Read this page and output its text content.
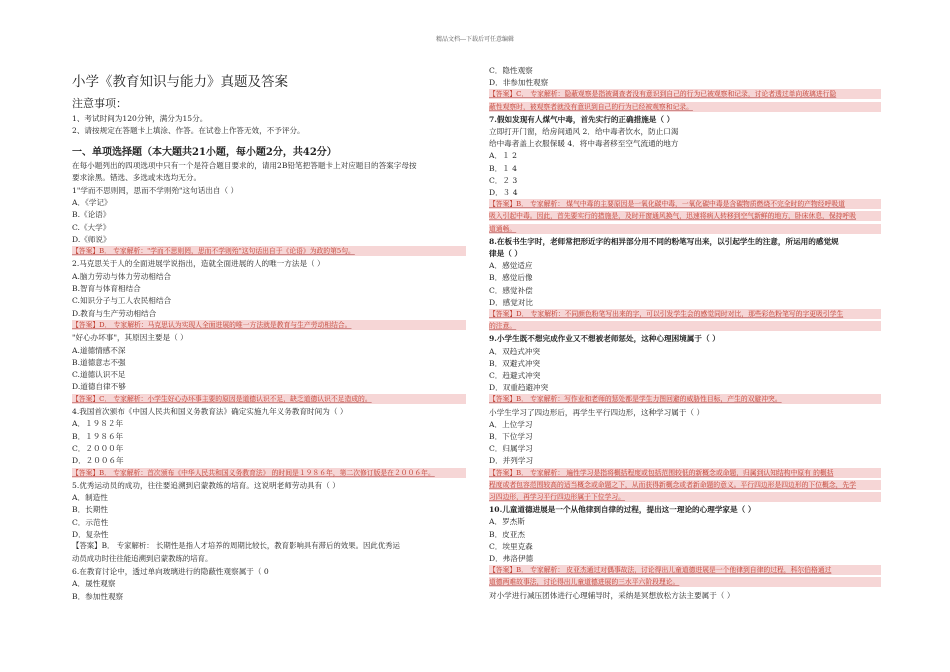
精品文档---下载后可任意编辑
小学《教育知识与能力》真题及答案
注意事项：
1、考试时间为120分钟，满分为15分。
2、请按规定在答题卡上填涂、作答。在试卷上作答无效，不予评分。
一、单项选择题（本大题共21小题，每小题2分，共42分）
在每小题列出的四项选项中只有一个是符合题目要求的，请用2B铅笔把答题卡上对应题目的答案字母按
要求涂黑。错选、多选或未选均无分。
1"学而不思则罔，思而不学则殆"这句话出自（ ）
A．《学记》
B.《论语》
C.《大学》
D.《师说》
【答案】B． 专家解析："学而不思则罔，思而不学则殆"这句话出自于《论语》为政的第5句。
2.马克思关于人的全面进展学说指出，造就全面进展的人的唯一方法是（ ）
A.脑力劳动与体力劳动相结合
B.智育与体育相结合
C.知识分子与工人农民相结合
D.教育与生产劳动相结合
【答案】D． 专家解析：马克思认为实现人全面进展的唯一方法就是教育与生产劳动相结合。
"好心办坏事"，其原因主要是（ ）
A.道德情感不深
B.道德意志不强
C.道德认识不足
D.道德自律不够
【答案】C． 专家解析：小学生好心办坏事主要的原因是道德认识不足，缺乏道德认识不足造成的。
4.我国首次颁布《中国人民共和国义务教育法》确定实施九年义务教育时间为（ ）
A．１９８２年
B．１９８６年
C．２０００年
D．２００６年
【答案】B． 专家解析：首次颁布《中华人民共和国义务教育法》 的时间是１９８６年，第二次修订版是在２００６年。
5.优秀运动员的成功，往往要追溯到启蒙教练的培育。这说明老师劳动具有（ ）
A．制造性
B．长期性
C．示范性
D．复杂性
【答案】B． 专家解析： 长期性是指人才培养的周期比较长，教育影响具有滞后的效果。因此优秀运
动员成功时往往能追溯到启蒙教练的培育。
6.在教育讨论中，透过单向玻璃进行的隐蔽性观察属于（ 0
A．晟性观察
B．参加性观察
C．隐性观察
D．非参加性观察
【答案】C． 专家解析：隐蔽观察是指被调查者没有意识到自己的行为已被观察和记录，讨论者透过单向玻璃进行隐
蔽性观察时，被观察者就没有意识到自己的行为已经被观察和记录。
7.假如发现有人煤气中毒，首先实行的正确措施是（ ）
立即打开门窗，给房间通风 2．给中毒者饮水，防止口渴
给中毒者盖上衣服保暖 4．将中毒者移至空气流通的地方
A．１ 2
B．１ 4
C．２ 3
D．３ 4
【答案】B． 专家解析： 煤气中毒的主要原因是一氧化碳中毒，一氧化碳中毒是含碳物质燃烧不完全时的产物经呼吸道
吸入引起中毒。因此，首先要实行的措施是，及时开窗通风换气，迅速将病人转移到空气新鲜的地方，卧床休息，保持呼吸
道通畅。
8.在板书生字时，老师常把形近字的相异部分用不同的粉笔写出来，以引起学生的注意，所运用的感觉规
律是（ ）
A．感觉适应
B．感觉后像
C．感觉补偿
D．感觉对比
【答案】D． 专家解析：不同颜色粉笔写出来的字，可以引发学生会的感觉同时对比，那些彩色粉笔写的字更吸引学生
的注意。
9.小学生既不想完成作业又不想被老师惩处，这种心理困境属于（ ）
A．双趋式冲突
B．双避式冲突
C．趋避式冲突
D．双重趋避冲突
【答案】B． 专家解析：写作业和老师的惩处都是学生力图回避的威胁性目标，产生的双避冲突。
小学生学习了四边形后，再学生平行四边形，这种学习属于（ ）
A．上位学习
B．下位学习
C．归属学习
D．并列学习
【答案】B． 专家解析： 遍性学习是指将概括程度或包括范围较低的新概念或命题，归属到认知结构中原有 的概括
程度或者包容范围较高的适当概念或命题之下，从而获得新概念或者新命题的意义。平行四边形是四边形的下位概念，先学
习四边形，再学习平行四边形属于下位学习。
10.儿童道德进展是一个从他律到自律的过程，提出这一理论的心理学家是（ ）
A．罗杰斯
B．皮亚杰
C．埃里克森
D．弗洛伊德
【答案】B． 专家解析： 皮亚杰通过对偶事故法，讨论得出儿童道德进展是一个他律到自律的过程，科尔伯格通过
道德两难故事法，讨论得出儿童道德进展的三水平六阶段理论。
对小学进行减压团体进行心理辅导时，采纳是冥想放松方法主要属于（ ）
